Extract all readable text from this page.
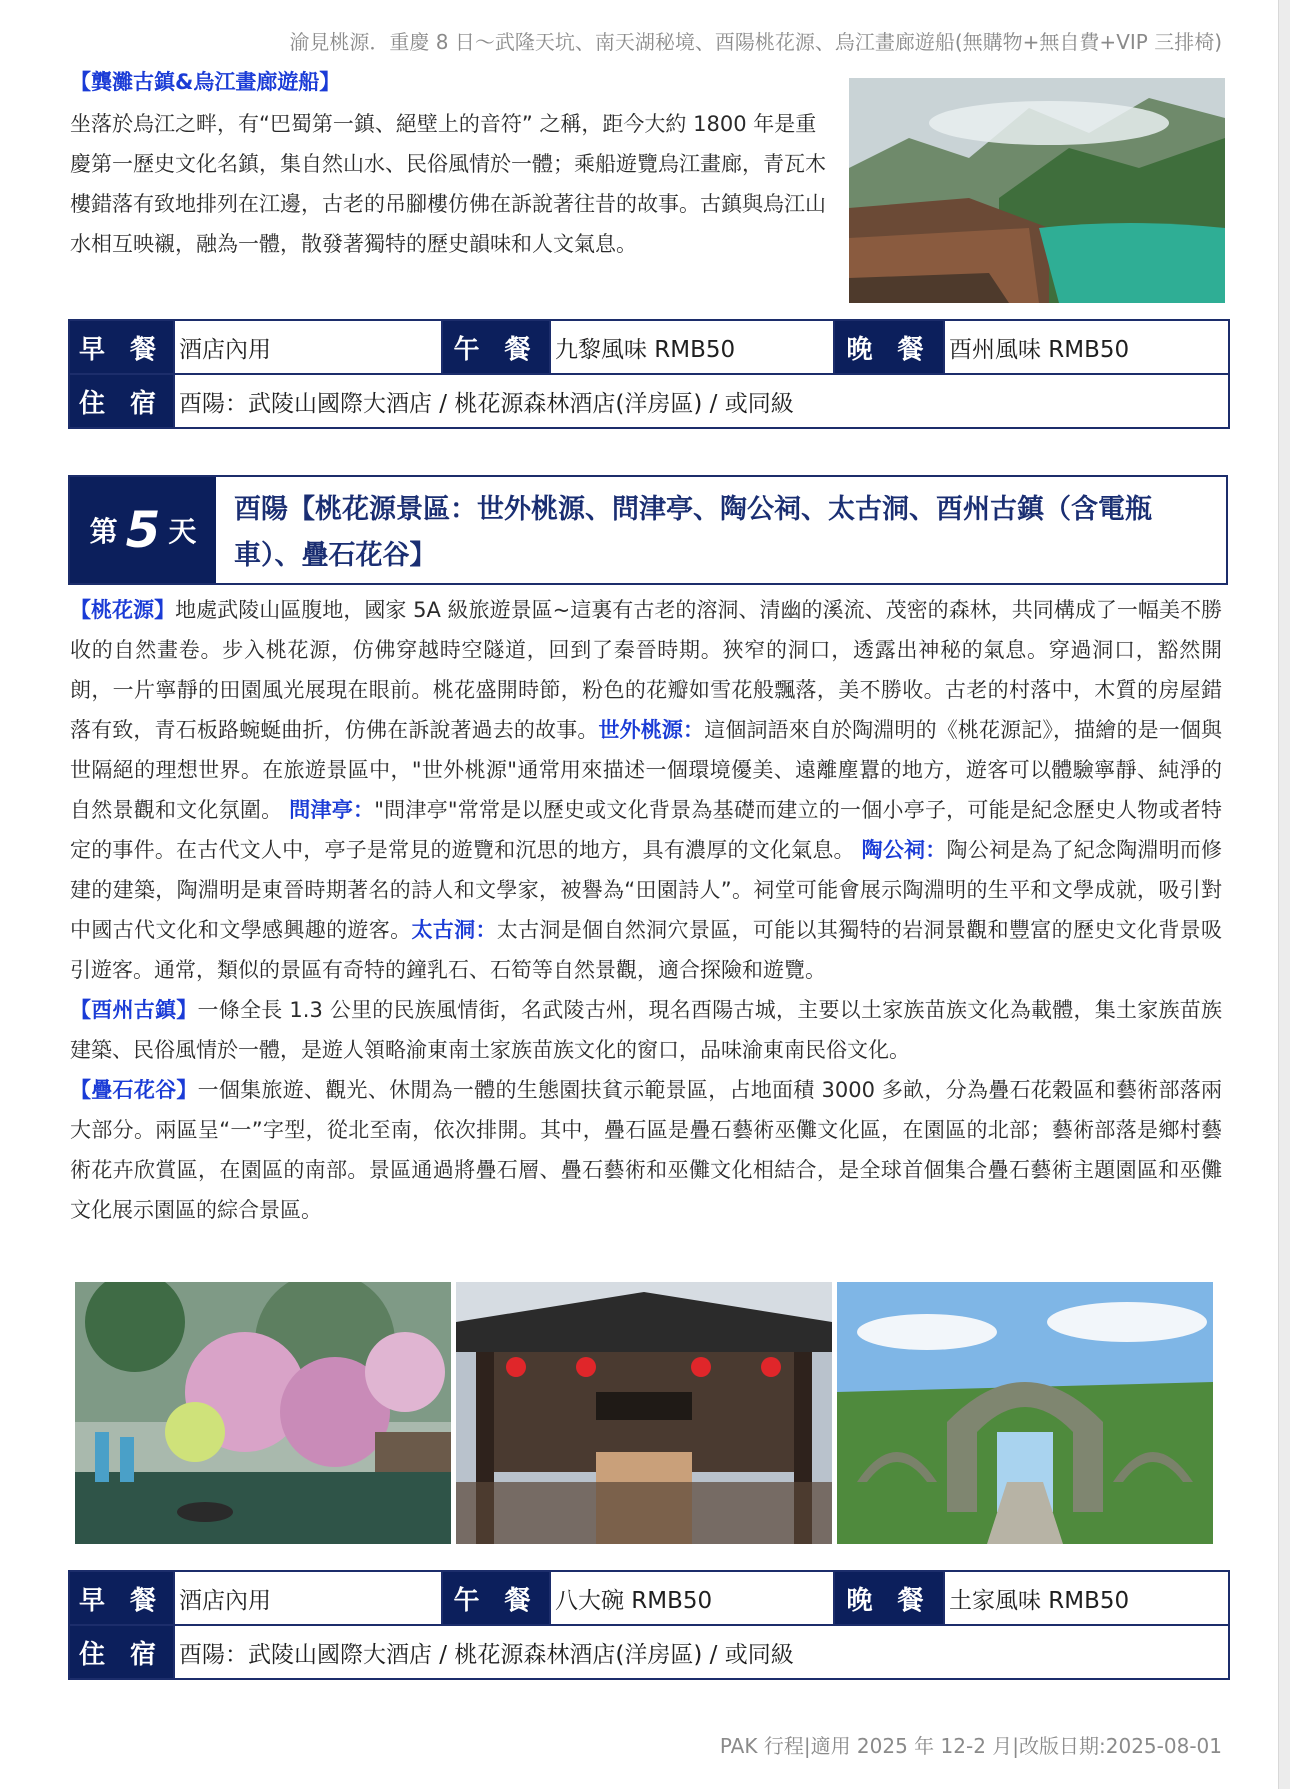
渝見桃源．重慶 8 日～武隆天坑、南天湖秘境、酉陽桃花源、烏江畫廊遊船(無購物+無自費+VIP 三排椅)
【龔灘古鎮&烏江畫廊遊船】
坐落於烏江之畔，有“巴蜀第一鎮、絕壁上的音符” 之稱，距今大約 1800 年是重慶第一歷史文化名鎮，集自然山水、民俗風情於一體；乘船遊覽烏江畫廊，青瓦木樓錯落有致地排列在江邊，古老的吊腳樓仿佛在訴說著往昔的故事。古鎮與烏江山水相互映襯，融為一體，散發著獨特的歷史韻味和人文氣息。
早 餐	酒店內用	午 餐	九黎風味 RMB50	晚 餐	酉州風味 RMB50
住 宿	酉陽：武陵山國際大酒店 / 桃花源森林酒店(洋房區) / 或同級				
第 5 天
酉陽【桃花源景區：世外桃源、問津亭、陶公祠、太古洞、酉州古鎮（含電瓶車）、疊石花谷】
【桃花源】地處武陵山區腹地，國家 5A 級旅遊景區~這裏有古老的溶洞、清幽的溪流、茂密的森林，共同構成了一幅美不勝收的自然畫卷。步入桃花源，仿佛穿越時空隧道，回到了秦晉時期。狹窄的洞口，透露出神秘的氣息。穿過洞口，豁然開朗，一片寧靜的田園風光展現在眼前。桃花盛開時節，粉色的花瓣如雪花般飄落，美不勝收。古老的村落中，木質的房屋錯落有致，青石板路蜿蜒曲折，仿佛在訴說著過去的故事。世外桃源：這個詞語來自於陶淵明的《桃花源記》，描繪的是一個與世隔絕的理想世界。在旅遊景區中，"世外桃源"通常用來描述一個環境優美、遠離塵囂的地方，遊客可以體驗寧靜、純淨的自然景觀和文化氛圍。 問津亭："問津亭"常常是以歷史或文化背景為基礎而建立的一個小亭子，可能是紀念歷史人物或者特定的事件。在古代文人中，亭子是常見的遊覽和沉思的地方，具有濃厚的文化氣息。 陶公祠：陶公祠是為了紀念陶淵明而修建的建築，陶淵明是東晉時期著名的詩人和文學家，被譽為“田園詩人”。祠堂可能會展示陶淵明的生平和文學成就，吸引對中國古代文化和文學感興趣的遊客。太古洞：太古洞是個自然洞穴景區，可能以其獨特的岩洞景觀和豐富的歷史文化背景吸引遊客。通常，類似的景區有奇特的鐘乳石、石筍等自然景觀，適合探險和遊覽。
【酉州古鎮】一條全長 1.3 公里的民族風情街，名武陵古州，現名酉陽古城，主要以土家族苗族文化為載體，集土家族苗族建築、民俗風情於一體，是遊人領略渝東南土家族苗族文化的窗口，品味渝東南民俗文化。
【疊石花谷】一個集旅遊、觀光、休閒為一體的生態園扶貧示範景區，占地面積 3000 多畝，分為疊石花穀區和藝術部落兩大部分。兩區呈“一”字型，從北至南，依次排開。其中，疊石區是疊石藝術巫儺文化區，在園區的北部；藝術部落是鄉村藝術花卉欣賞區，在園區的南部。景區通過將疊石層、疊石藝術和巫儺文化相結合，是全球首個集合疊石藝術主題園區和巫儺文化展示園區的綜合景區。
早 餐	酒店內用	午 餐	八大碗 RMB50	晚 餐	土家風味 RMB50
住 宿	酉陽：武陵山國際大酒店 / 桃花源森林酒店(洋房區) / 或同級				
PAK 行程|適用 2025 年 12-2 月|改版日期:2025-08-01
